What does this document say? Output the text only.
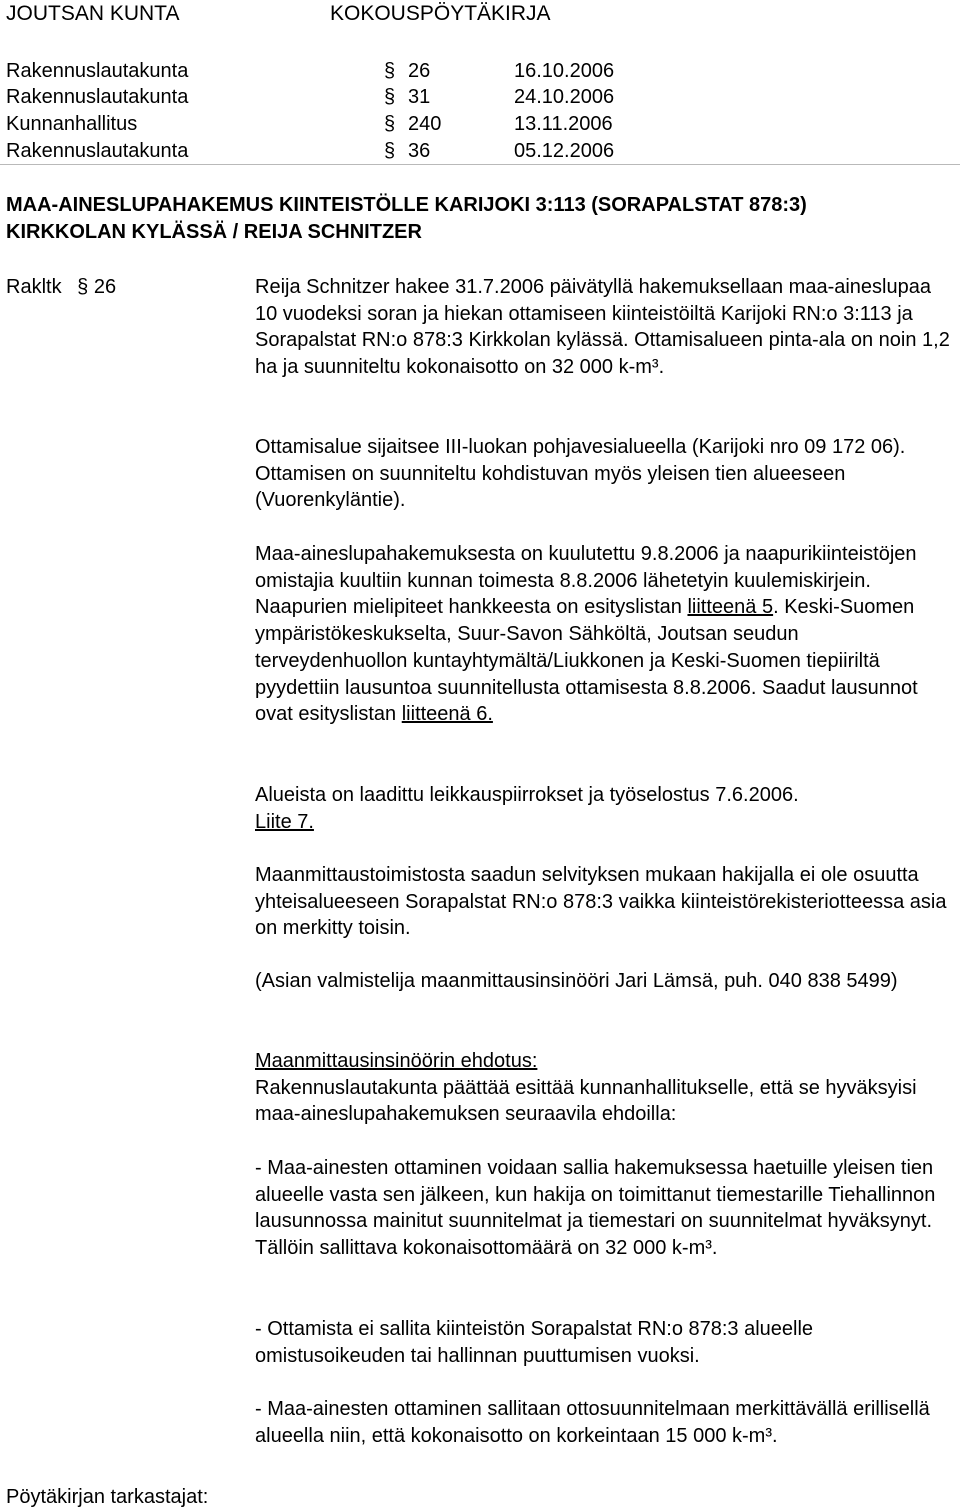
JOUTSAN KUNTA	KOKOUSPÖYTÄKIRJA
Rakennuslautakunta	§ 26	16.10.2006
Rakennuslautakunta	§ 31	24.10.2006
Kunnanhallitus	§ 240	13.11.2006
Rakennuslautakunta	§ 36	05.12.2006
MAA-AINESLUPAHAKEMUS KIINTEISTÖLLE KARIJOKI 3:113 (SORAPALSTAT 878:3)
KIRKKOLAN KYLÄSSÄ / REIJA SCHNITZER
Rakltk § 26	Reija Schnitzer hakee 31.7.2006 päivätyllä hakemuksellaan maa-aineslupaa 10 vuodeksi soran ja hiekan ottamiseen kiinteistöiltä Karijoki RN:o 3:113 ja Sorapalstat RN:o 878:3 Kirkkolan kylässä. Ottamisalueen pinta-ala on noin 1,2 ha ja suunniteltu kokonaisotto on 32 000 k-m³.
Ottamisalue sijaitsee III-luokan pohjavesialueella (Karijoki nro 09 172 06). Ottamisen on suunniteltu kohdistuvan myös yleisen tien alueeseen (Vuorenkyläntie).
Maa-aineslupahakemuksesta on kuulutettu 9.8.2006 ja naapurikiinteistöjen omistajia kuultiin kunnan toimesta 8.8.2006 lähetetyin kuulemiskirjein. Naapurien mielipiteet hankkeesta on esityslistan liitteenä 5. Keski-Suomen ympäristökeskukselta, Suur-Savon Sähköltä, Joutsan seudun terveydenhuollon kuntayhtymältä/Liukkonen ja Keski-Suomen tiepiiriltä pyydettiin lausuntoa suunnitellusta ottamisesta 8.8.2006. Saadut lausunnot ovat esityslistan liitteenä 6.
Alueista on laadittu leikkauspiirrokset ja työselostus 7.6.2006.
Liite 7.
Maanmittaustoimistosta saadun selvityksen mukaan hakijalla ei ole osuutta yhteisalueeseen Sorapalstat RN:o 878:3 vaikka kiinteistörekisteriotteessa asia on merkitty toisin.
(Asian valmistelija maanmittausinsinööri Jari Lämsä, puh. 040 838 5499)
Maanmittausinsinöörin ehdotus:
Rakennuslautakunta päättää esittää kunnanhallitukselle, että se hyväksyisi maa-aineslupahakemuksen seuraavila ehdoilla:
- Maa-ainesten ottaminen voidaan sallia hakemuksessa haetuille yleisen tien alueelle vasta sen jälkeen, kun hakija on toimittanut tiemestarille Tiehallinnon lausunnossa mainitut suunnitelmat ja tiemestari on suunnitelmat hyväksynyt. Tällöin sallittava kokonaisottomäärä on 32 000 k-m³.
- Ottamista ei sallita kiinteistön Sorapalstat RN:o 878:3 alueelle omistusoikeuden tai hallinnan puuttumisen vuoksi.
- Maa-ainesten ottaminen sallitaan ottosuunnitelmaan merkittävällä erillisellä alueella niin, että kokonaisotto on korkeintaan 15 000 k-m³.
Pöytäkirjan tarkastajat:
